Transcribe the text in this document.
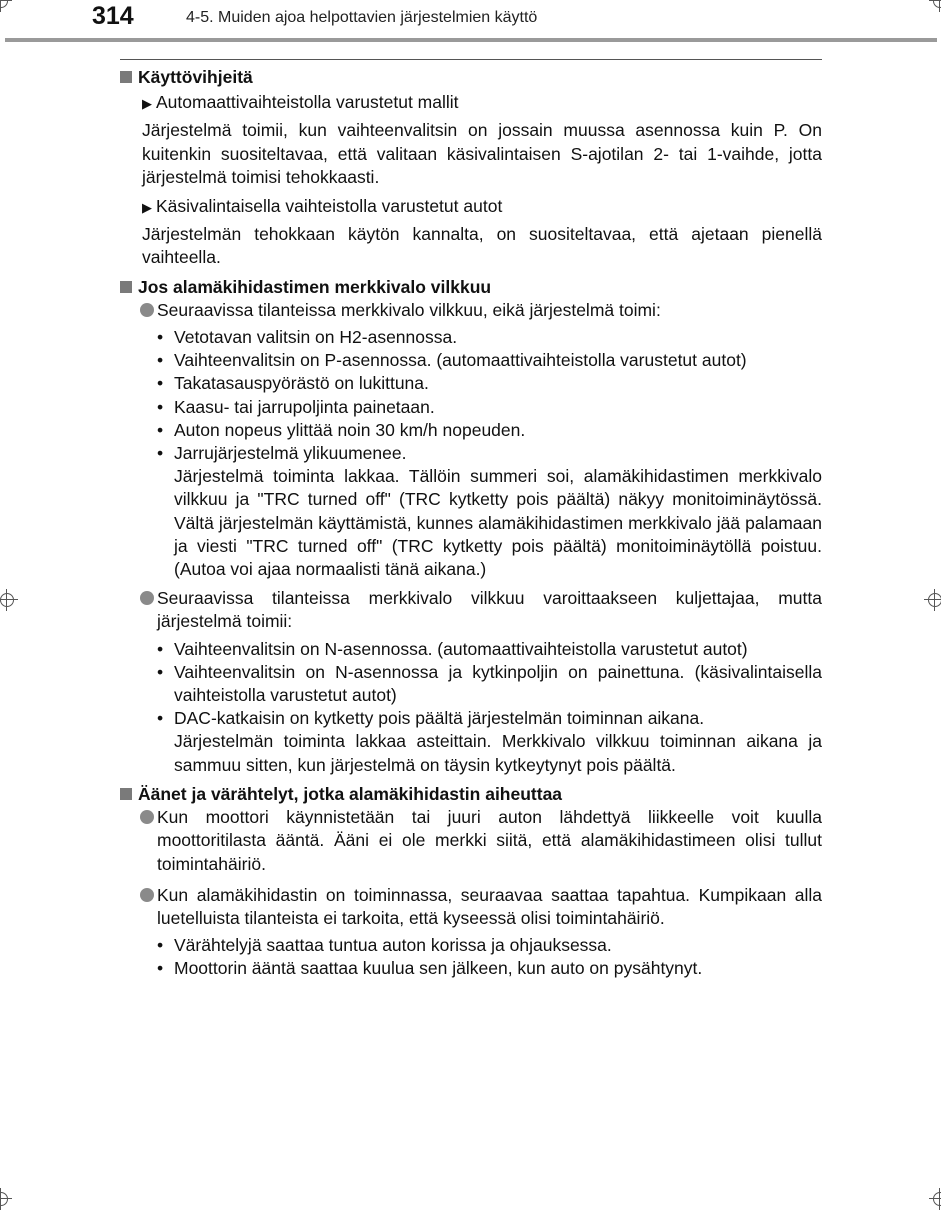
314	4-5. Muiden ajoa helpottavien järjestelmien käyttö

Käyttövihjeitä

▶ Automaattivaihteistolla varustetut mallit

Järjestelmä toimii, kun vaihteenvalitsin on jossain muussa asennossa kuin P. On kuitenkin suositeltavaa, että valitaan käsivalintaisen S-ajotilan 2- tai 1-vaihde, jotta järjestelmä toimisi tehokkaasti.

▶ Käsivalintaisella vaihteistolla varustetut autot

Järjestelmän tehokkaan käytön kannalta, on suositeltavaa, että ajetaan pienellä vaihteella.

Jos alamäkihidastimen merkkivalo vilkkuu

Seuraavissa tilanteissa merkkivalo vilkkuu, eikä järjestelmä toimi:
• Vetotavan valitsin on H2-asennossa.
• Vaihteenvalitsin on P-asennossa. (automaattivaihteistolla varustetut autot)
• Takatasauspyörästö on lukittuna.
• Kaasu- tai jarrupoljinta painetaan.
• Auton nopeus ylittää noin 30 km/h nopeuden.
• Jarrujärjestelmä ylikuumenee.
Järjestelmä toiminta lakkaa. Tällöin summeri soi, alamäkihidastimen merkkivalo vilkkuu ja "TRC turned off" (TRC kytketty pois päältä) näkyy monitoiminäytössä. Vältä järjestelmän käyttämistä, kunnes alamäkihidastimen merkkivalo jää palamaan ja viesti "TRC turned off" (TRC kytketty pois päältä) monitoiminäytöllä poistuu. (Autoa voi ajaa normaalisti tänä aikana.)
Seuraavissa tilanteissa merkkivalo vilkkuu varoittaakseen kuljettajaa, mutta järjestelmä toimii:
• Vaihteenvalitsin on N-asennossa. (automaattivaihteistolla varustetut autot)
• Vaihteenvalitsin on N-asennossa ja kytkinpoljin on painettuna. (käsivalintaisella vaihteistolla varustetut autot)
• DAC-katkaisin on kytketty pois päältä järjestelmän toiminnan aikana.
Järjestelmän toiminta lakkaa asteittain. Merkkivalo vilkkuu toiminnan aikana ja sammuu sitten, kun järjestelmä on täysin kytkeytynyt pois päältä.

Äänet ja värähtelyt, jotka alamäkihidastin aiheuttaa

Kun moottori käynnistetään tai juuri auton lähdettyä liikkeelle voit kuulla moottoritilasta ääntä. Ääni ei ole merkki siitä, että alamäkihidastimeen olisi tullut toimintahäiriö.
Kun alamäkihidastin on toiminnassa, seuraavaa saattaa tapahtua. Kumpikaan alla luetelluista tilanteista ei tarkoita, että kyseessä olisi toimintahäiriö.
• Värähtelyjä saattaa tuntua auton korissa ja ohjauksessa.
• Moottorin ääntä saattaa kuulua sen jälkeen, kun auto on pysähtynyt.
